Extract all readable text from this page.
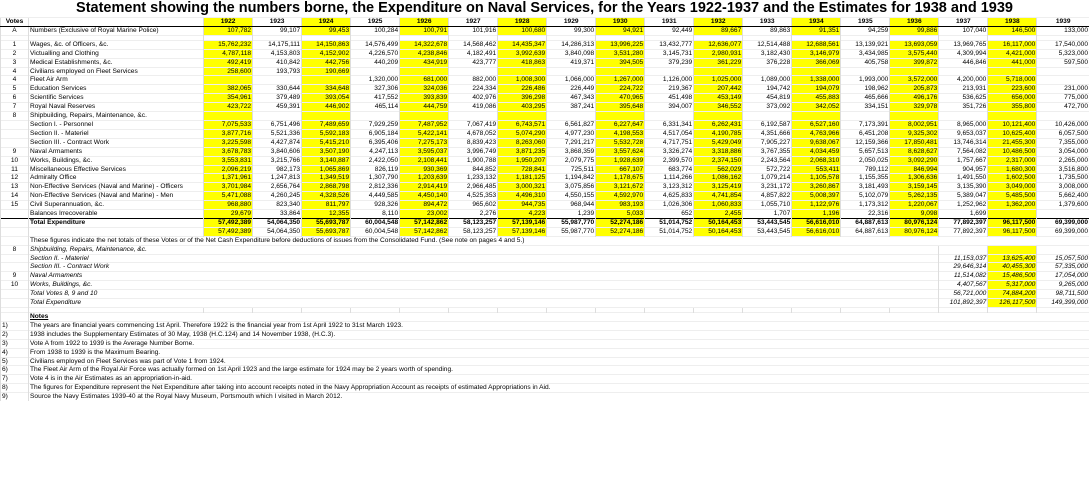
Statement showing the numbers borne, the Expenditure on Naval Services, for the Years 1922-1937 and the Estimates for 1938 and 1939
Votes		1922	1923	1924	1925	1926	1927	1928	1929	1930	1931	1932	1933	1934	1935	1936	1937	1938	1939
A	Numbers (Exclusive of Royal Marine Police)	107,782	99,107	99,453	100,284	100,791	101,916	100,680	99,300	94,921	92,449	89,667	89,863	91,351	94,259	99,886	107,040	146,500	133,000

1	Wages, &c. of Officers, &c.	15,762,232	14,175,111	14,150,863	14,576,499	14,322,678	14,568,462	14,435,347	14,286,313	13,996,225	13,432,777	12,636,077	12,514,488	12,688,561	13,139,921	13,693,059	13,969,765	16,117,000	17,540,000
2	Victualling and Clothing	4,787,118	4,153,803	4,152,902	4,226,570	4,238,846	4,182,491	3,992,639	3,840,098	3,531,280	3,145,731	2,980,931	3,182,430	3,146,979	3,434,985	3,575,440	4,309,994	4,421,000	5,323,000
3	Medical Establishments, &c.	492,419	410,842	442,756	440,209	434,919	423,777	418,863	419,371	394,505	379,239	361,229	376,228	366,069	405,758	399,872	446,846	441,000	597,500
4	Civilians employed on Fleet Services	258,600	193,793	190,669															
4	Fleet Air Arm				1,320,000	681,000	882,000	1,008,300	1,066,000	1,267,000	1,126,000	1,025,000	1,089,000	1,338,000	1,993,000	3,572,000	4,200,000	5,718,000	
5	Education Services	382,065	330,644	334,648	327,306	324,036	224,334	226,486	226,449	224,722	219,367	207,442	194,742	194,079	198,962	205,873	213,931	223,600	231,000
6	Scientific Services	354,961	379,489	393,054	417,552	393,839	402,976	396,298	467,343	470,965	451,498	453,149	454,819	455,883	465,666	496,176	536,625	656,000	775,000
7	Royal Naval Reserves	423,722	459,391	446,902	465,114	444,759	419,086	403,295	387,241	395,648	394,007	346,552	373,092	342,052	334,151	329,978	351,726	355,800	472,700
8	Shipbuilding, Repairs, Maintenance, &c.																		
	Section I. - Personnel	7,075,533	6,751,496	7,489,659	7,929,259	7,487,952	7,067,419	6,743,571	6,561,827	6,227,647	6,331,341	6,262,431	6,192,587	6,527,160	7,173,391	8,002,951	8,965,000	10,121,400	10,426,000
	Section II. - Materiel	3,877,716	5,521,336	5,592,183	6,905,184	5,422,141	4,678,052	5,074,290	4,977,230	4,198,553	4,517,054	4,190,785	4,351,666	4,763,966	6,451,208	9,325,302	9,653,037	10,625,400	6,057,500
	Section III. - Contract Work	3,225,598	4,427,874	5,415,210	6,395,406	7,275,173	8,839,423	8,263,060	7,291,217	5,532,728	4,717,751	5,429,049	7,905,227	9,638,067	12,159,366	17,850,481	13,746,314	21,455,300	7,355,000
9	Naval Armaments	3,678,783	3,840,606	3,507,190	4,247,113	3,595,037	3,996,749	3,871,235	3,868,359	3,557,624	3,326,274	3,318,886	3,767,355	4,034,459	5,657,513	8,628,627	7,564,082	10,486,500	3,054,000
10	Works, Buildings, &c.	3,553,831	3,215,766	3,140,887	2,422,050	2,108,441	1,900,788	1,950,207	2,079,775	1,928,639	2,399,570	2,374,150	2,243,564	2,068,310	2,050,025	3,092,290	1,757,667	2,317,000	2,265,000
11	Miscellaneous Effective Services	2,096,219	982,173	1,065,869	826,119	930,369	844,852	728,841	725,511	667,107	683,774	562,029	572,722	553,411	789,112	846,994	904,957	1,680,300	3,516,800
12	Admiralty Office	1,371,961	1,247,813	1,349,519	1,307,790	1,203,639	1,233,132	1,181,125	1,194,842	1,178,675	1,114,266	1,086,162	1,079,214	1,105,578	1,155,355	1,306,636	1,491,550	1,602,500	1,735,500
13	Non-Effective Services (Naval and Marine) - Officers	3,701,984	2,656,764	2,868,798	2,812,336	2,914,419	2,966,485	3,000,321	3,075,856	3,121,672	3,123,312	3,125,419	3,231,172	3,260,867	3,181,493	3,159,145	3,135,390	3,049,000	3,008,000
14	Non-Effective Services (Naval and Marine) - Men	5,471,088	4,260,245	4,328,526	4,449,585	4,450,140	4,525,353	4,496,310	4,550,155	4,592,970	4,625,833	4,741,854	4,857,822	5,008,397	5,102,079	5,262,135	5,389,047	5,485,500	5,662,400
15	Civil Superannuation, &c.	968,880	823,340	811,797	928,326	894,472	965,602	944,735	968,944	983,193	1,026,306	1,060,833	1,055,710	1,122,976	1,173,312	1,220,067	1,252,962	1,362,200	1,379,600
	Balances Irrecoverable	29,679	33,864	12,355	8,110	23,002	2,276	4,223	1,239	5,033	652	2,455	1,707	1,196	22,316	9,098	1,699		
	Total Expenditure	57,492,389	54,064,350	55,693,787	60,004,548	57,142,862	58,123,257	57,139,146	55,987,770	52,274,186	51,014,752	50,164,453	53,443,545	56,616,010	64,887,613	80,976,124	77,892,397	96,117,500	69,399,000
		57,492,389	54,064,350	55,693,787	60,004,548	57,142,862	58,123,257	57,139,146	55,987,770	52,274,186	51,014,752	50,164,453	53,443,545	56,616,010	64,887,613	80,976,124	77,892,397	96,117,500	69,399,000
	These figures indicate the net totals of these Votes or of the Net Cash Expenditure before deductions of issues from the Consolidated Fund. (See note on pages 4 and 5.)																		
8	Shipbuilding, Repairs, Maintenance, &c.																		
	Section II. - Materiel																11,153,037	13,625,400	15,057,500
	Section III. - Contract Work																29,646,314	40,455,300	57,335,000
9	Naval Armaments																11,514,082	15,486,500	17,054,000
10	Works, Buildings, &c.																4,407,567	5,317,000	9,265,000
	Total Votes 8, 9 and 10																56,721,000	74,884,200	98,711,500
	Total Expenditure																101,892,397	126,117,500	149,399,000

	Notes																		
1)	The years are financial years commencing 1st April. Therefore 1922 is the financial year from 1st April 1922 to 31st March 1923.																		
2)	1938 includes the Supplementary Estimates of 30 May, 1938 (H.C.124) and 14 November 1938, (H.C.3).																		
3)	Vote A from 1922 to 1939 is the Average Number Borne.																		
4)	From 1938 to 1939 is the Maximum Bearing.																		
5)	Civilians employed on Fleet Services was part of Vote 1 from 1924.																		
6)	The Fleet Air Arm of the Royal Air Force was actually formed on 1st April 1923 and the large estimate for 1924 may be 2 years worth of spending.																		
7)	Vote 4 is in the Air Estimates as an appropriation-in-aid.																		
8)	The figures for Expenditure represent the Net Expenditure after taking into account receipts noted in the Navy Appropriation Account as receipts of estimated Appropriations in Aid.																		
9)	Source the Navy Estimates 1939-40 at the Royal Navy Museum, Portsmouth which I visited in March 2012.																		
